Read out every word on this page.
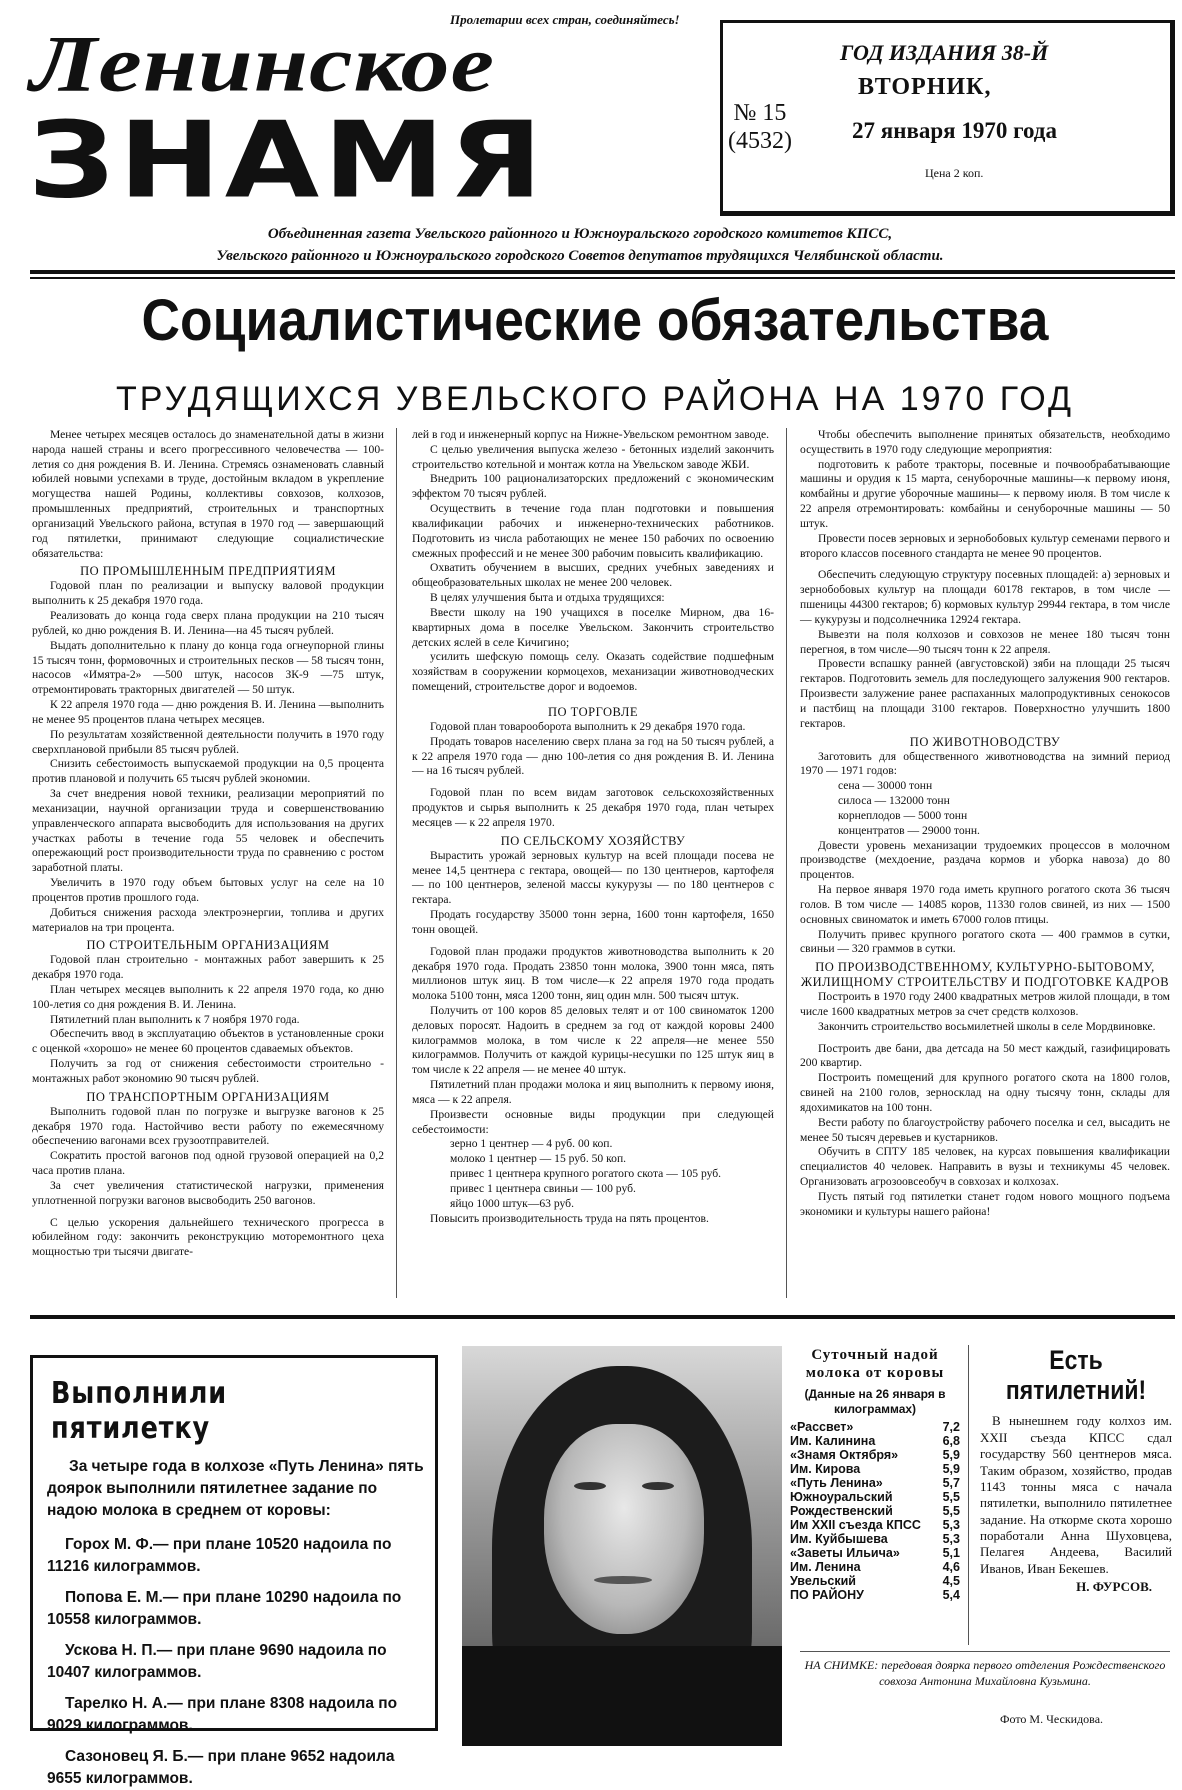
Пролетарии всех стран, соединяйтесь!
Ленинское
ЗНАМЯ	№ 15
(4532)
ГОД ИЗДАНИЯ 38-Й
ВТОРНИК,
27 января 1970 года
Цена 2 коп.
Объединенная газета Увельского районного и Южноуральского городского комитетов КПСС,
Увельского районного и Южноуральского городского Советов депутатов трудящихся Челябинской области.
Социалистические обязательства
ТРУДЯЩИХСЯ УВЕЛЬСКОГО РАЙОНА НА 1970 ГОД

Менее четырех месяцев осталось до знаменательной даты в жизни народа нашей страны и всего прогрессивного человечества — 100-летия со дня рождения В. И. Ленина. Стремясь ознаменовать славный юбилей новыми успехами в труде, достойным вкладом в укрепление могущества нашей Родины, коллективы совхозов, колхозов, промышленных предприятий, строительных и транспортных организаций Увельского района, вступая в 1970 год — завершающий год пятилетки, принимают следующие социалистические обязательства:

ПО ПРОМЫШЛЕННЫМ ПРЕДПРИЯТИЯМ

Годовой план по реализации и выпуску валовой продукции выполнить к 25 декабря 1970 года.

Реализовать до конца года сверх плана продукции на 210 тысяч рублей, ко дню рождения В. И. Ленина—на 45 тысяч рублей.

Выдать дополнительно к плану до конца года огнеупорной глины 15 тысяч тонн, формовочных и строительных песков — 58 тысяч тонн, насосов «Имятра-2» —500 штук, насосов ЗК-9 —75 штук, отремонтировать тракторных двигателей — 50 штук.

К 22 апреля 1970 года — дню рождения В. И. Ленина —выполнить не менее 95 процентов плана четырех месяцев.

По результатам хозяйственной деятельности получить в 1970 году сверхплановой прибыли 85 тысяч рублей.

Снизить себестоимость выпускаемой продукции на 0,5 процента против плановой и получить 65 тысяч рублей экономии.

За счет внедрения новой техники, реализации мероприятий по механизации, научной организации труда и совершенствованию управленческого аппарата высвободить для использования на других участках работы в течение года 55 человек и обеспечить опережающий рост производительности труда по сравнению с ростом заработной платы.

Увеличить в 1970 году объем бытовых услуг на селе на 10 процентов против прошлого года.

Добиться снижения расхода электроэнергии, топлива и других материалов на три процента.

ПО СТРОИТЕЛЬНЫМ ОРГАНИЗАЦИЯМ

Годовой план строительно - монтажных работ завершить к 25 декабря 1970 года.

План четырех месяцев выполнить к 22 апреля 1970 года, ко дню 100-летия со дня рождения В. И. Ленина.

Пятилетний план выполнить к 7 ноября 1970 года.

Обеспечить ввод в эксплуатацию объектов в установленные сроки с оценкой «хорошо» не менее 60 процентов сдаваемых объектов.

Получить за год от снижения себестоимости строительно - монтажных работ экономию 90 тысяч рублей.

ПО ТРАНСПОРТНЫМ ОРГАНИЗАЦИЯМ

Выполнить годовой план по погрузке и выгрузке вагонов к 25 декабря 1970 года. Настойчиво вести работу по ежемесячному обеспечению вагонами всех грузоотправителей.

Сократить простой вагонов под одной грузовой операцией на 0,2 часа против плана.

За счет увеличения статистической нагрузки, применения уплотненной погрузки вагонов высвободить 250 вагонов.

С целью ускорения дальнейшего технического прогресса в юбилейном году: закончить реконструкцию моторемонтного цеха мощностью три тысячи двигате-

лей в год и инженерный корпус на Нижне-Увельском ремонтном заводе.

С целью увеличения выпуска железо - бетонных изделий закончить строительство котельной и монтаж котла на Увельском заводе ЖБИ.

Внедрить 100 рационализаторских предложений с экономическим эффектом 70 тысяч рублей.

Осуществить в течение года план подготовки и повышения квалификации рабочих и инженерно-технических работников. Подготовить из числа работающих не менее 150 рабочих по освоению смежных профессий и не менее 300 рабочим повысить квалификацию.

Охватить обучением в высших, средних учебных заведениях и общеобразовательных школах не менее 200 человек.

В целях улучшения быта и отдыха трудящихся:

Ввести школу на 190 учащихся в поселке Мирном, два 16-квартирных дома в поселке Увельском. Закончить строительство детских яслей в селе Кичигино;

усилить шефскую помощь селу. Оказать содействие подшефным хозяйствам в сооружении кормоцехов, механизации животноводческих помещений, строительстве дорог и водоемов.

ПО ТОРГОВЛЕ

Годовой план товарооборота выполнить к 29 декабря 1970 года.

Продать товаров населению сверх плана за год на 50 тысяч рублей, а к 22 апреля 1970 года — дню 100-летия со дня рождения В. И. Ленина — на 16 тысяч рублей.

Годовой план по всем видам заготовок сельскохозяйственных продуктов и сырья выполнить к 25 декабря 1970 года, план четырех месяцев — к 22 апреля 1970.

ПО СЕЛЬСКОМУ ХОЗЯЙСТВУ

Вырастить урожай зерновых культур на всей площади посева не менее 14,5 центнера с гектара, овощей— по 130 центнеров, картофеля — по 100 центнеров, зеленой массы кукурузы — по 180 центнеров с гектара.

Продать государству 35000 тонн зерна, 1600 тонн картофеля, 1650 тонн овощей.

Годовой план продажи продуктов животноводства выполнить к 20 декабря 1970 года. Продать 23850 тонн молока, 3900 тонн мяса, пять миллионов штук яиц. В том числе—к 22 апреля 1970 года продать молока 5100 тонн, мяса 1200 тонн, яиц один млн. 500 тысяч штук.

Получить от 100 коров 85 деловых телят и от 100 свиноматок 1200 деловых поросят. Надоить в среднем за год от каждой коровы 2400 килограммов молока, в том числе к 22 апреля—не менее 550 килограммов. Получить от каждой курицы-несушки по 125 штук яиц в том числе к 22 апреля — не менее 40 штук.

Пятилетний план продажи молока и яиц выполнить к первому июня, мяса — к 22 апреля.

Произвести основные виды продукции при следующей себестоимости:

зерно 1 центнер — 4 руб. 00 коп.

молоко 1 центнер — 15 руб. 50 коп.

привес 1 центнера крупного рогатого скота — 105 руб.

привес 1 центнера свиньи — 100 руб.

яйцо 1000 штук—63 руб.

Повысить производительность труда на пять процентов.

Чтобы обеспечить выполнение принятых обязательств, необходимо осуществить в 1970 году следующие мероприятия:

подготовить к работе тракторы, посевные и почвообрабатывающие машины и орудия к 15 марта, сенуборочные машины—к первому июня, комбайны и другие уборочные машины— к первому июля. В том числе к 22 апреля отремонтировать: комбайны и сенуборочные машины — 50 штук.

Провести посев зерновых и зернобобовых культур семенами первого и второго классов посевного стандарта не менее 90 процентов.

Обеспечить следующую структуру посевных площадей: а) зерновых и зернобобовых культур на площади 60178 гектаров, в том числе — пшеницы 44300 гектаров; б) кормовых культур 29944 гектара, в том числе — кукурузы и подсолнечника 12924 гектара.

Вывезти на поля колхозов и совхозов не менее 180 тысяч тонн перегноя, в том числе—90 тысяч тонн к 22 апреля.

Провести вспашку ранней (августовской) зяби на площади 25 тысяч гектаров. Подготовить земель для последующего залужения 900 гектаров. Произвести залужение ранее распаханных малопродуктивных сенокосов и пастбищ на площади 3100 гектаров. Поверхностно улучшить 1800 гектаров.

ПО ЖИВОТНОВОДСТВУ

Заготовить для общественного животноводства на зимний период 1970 — 1971 годов:

сена — 30000 тонн

силоса — 132000 тонн

корнеплодов — 5000 тонн

концентратов — 29000 тонн.

Довести уровень механизации трудоемких процессов в молочном производстве (мехдоение, раздача кормов и уборка навоза) до 80 процентов.

На первое января 1970 года иметь крупного рогатого скота 36 тысяч голов. В том числе — 14085 коров, 11330 голов свиней, из них — 1500 основных свиноматок и иметь 67000 голов птицы.

Получить привес крупного рогатого скота — 400 граммов в сутки, свиньи — 320 граммов в сутки.

ПО ПРОИЗВОДСТВЕННОМУ, КУЛЬТУРНО-БЫТОВОМУ, ЖИЛИЩНОМУ СТРОИТЕЛЬСТВУ И ПОДГОТОВКЕ КАДРОВ

Построить в 1970 году 2400 квадратных метров жилой площади, в том числе 1600 квадратных метров за счет средств колхозов.

Закончить строительство восьмилетней школы в селе Мордвиновке.

Построить две бани, два детсада на 50 мест каждый, газифицировать 200 квартир.

Построить помещений для крупного рогатого скота на 1800 голов, свиней на 2100 голов, зерносклад на одну тысячу тонн, склады для ядохимикатов на 100 тонн.

Вести работу по благоустройству рабочего поселка и сел, высадить не менее 50 тысяч деревьев и кустарников.

Обучить в СПТУ 185 человек, на курсах повышения квалификации специалистов 40 человек. Направить в вузы и техникумы 45 человек. Организовать агрозоовсеобуч в совхозах и колхозах.

Пусть пятый год пятилетки станет годом нового мощного подъема экономики и культуры нашего района!

Выполнили пятилетку

За четыре года в колхозе «Путь Ленина» пять доярок выполнили пятилетнее задание по надою молока в среднем от коровы:

Горох М. Ф.— при плане 10520 надоила по 11216 килограммов.

Попова Е. М.— при плане 10290 надоила по 10558 килограммов.

Ускова Н. П.— при плане 9690 надоила по 10407 килограммов.

Тарелко Н. А.— при плане 8308 надоила по 9029 килограммов.

Сазоновец Я. Б.— при плане 9652 надоила 9655 килограммов.

Суточный надой молока от коровы
(Данные на 26 января в килограммах)
«Рассвет»	7,2
Им. Калинина	6,8
«Знамя Октября»	5,9
Им. Кирова	5,9
«Путь Ленина»	5,7
Южноуральский	5,5
Рождественский	5,5
Им XXII съезда КПСС	5,3
Им. Куйбышева	5,3
«Заветы Ильича»	5,1
Им. Ленина	4,6
Увельский	4,5
ПО РАЙОНУ	5,4
Есть пятилетний!

В нынешнем году колхоз им. XXII съезда КПСС сдал государству 560 центнеров мяса. Таким образом, хозяйство, продав 1143 тонны мяса с начала пятилетки, выполнило пятилетнее задание. На откорме скота хорошо поработали Анна Шуховцева, Пелагея Андеева, Василий Иванов, Иван Бекешев.

Н. ФУРСОВ.

НА СНИМКЕ: передовая доярка первого отделения Рождественского совхоза Антонина Михайловна Кузьмина.
Фото М. Ческидова.
